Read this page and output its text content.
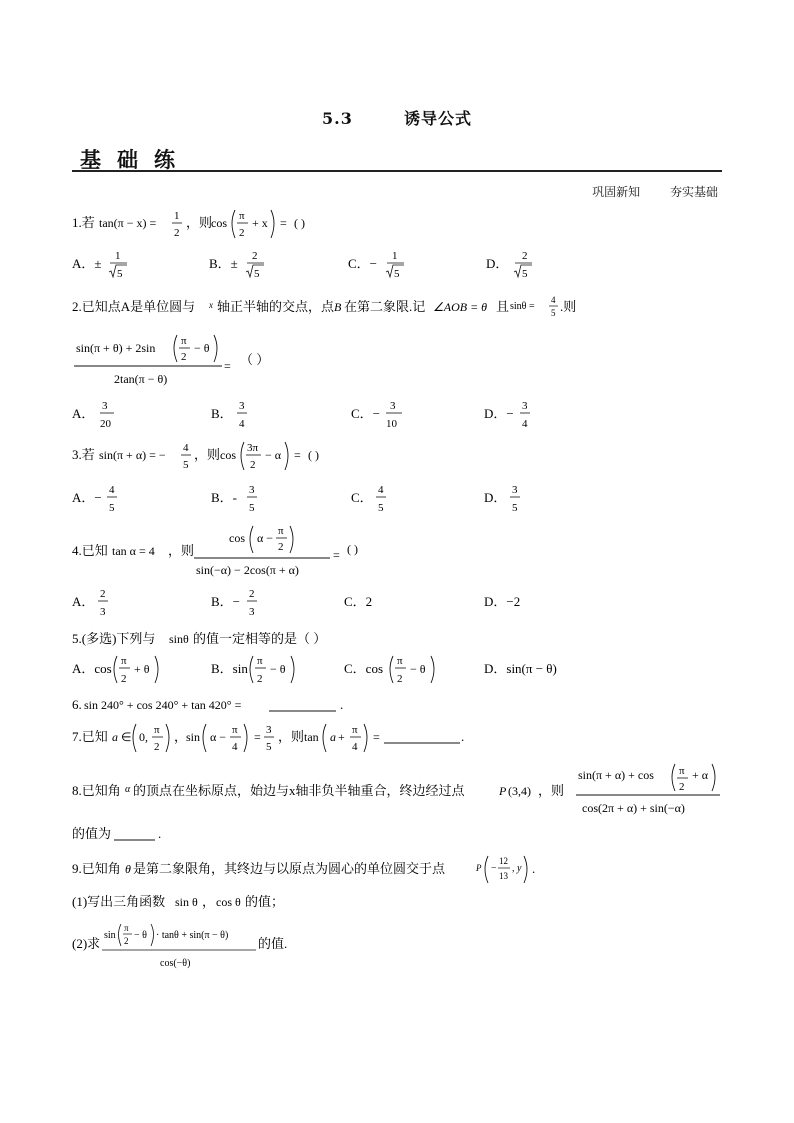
5.3	诱导公式
基础练
巩固新知 夯实基础
1.若 tan(π − x) = 1
2
，则
cos π
2
+ x = ( )
A．± 1
5
B．± 2
5
C．− 1
5
D． 2
5
2.已知点A是单位圆与 x 轴正半轴的交点，点 B 在第二象限.记 ∠AOB = θ 且 sinθ =
4
5 .则
sin(π + θ) + 2sin π
2
− θ
2tan(π − θ)
= （ ）
A． 3
20
B． 3
4
C．− 3
10
D．− 3
4
3.若 sin(π + α) = − 4
5
，则 cos 3π
2
− α = ( )
A．− 4
5
B．- 3
5
C． 4
5
D． 3
5
4.已知 tan α = 4 ，则
cos α − π
2
sin(−α) − 2cos(π + α)
= ( )
A． 2
3
B．− 2
3
C．2	D．−2
5.(多选)下列与 sinθ 的值一定相等的是（ ）
A．cos π
2
+ θ	B．sin π
2
− θ	C．cos π
2
− θ	D．sin(π − θ)
6. sin 240° + cos 240° + tan 420° =	.
7.已知 a ∈ 0, π
2
，
sin α − π
4
= 3
5
，则 tan a + π
4
=	.
8.已知角 α 的顶点在坐标原点，始边与x轴非负半轴重合，终边经过点	P (3,4) ，则
sin(π + α) + cos π
2
+ α
cos(2π + α) + sin(−α)
的值为	.
9.已知角 θ 是第二象限角，其终边与以原点为圆心的单位圆交于点	P −
12
13
, y .
(1)写出三角函数 sin θ ， cos θ 的值；
(2)求
sin
π
2 − θ · tanθ + sin(π − θ)
cos(−θ)
的值.
